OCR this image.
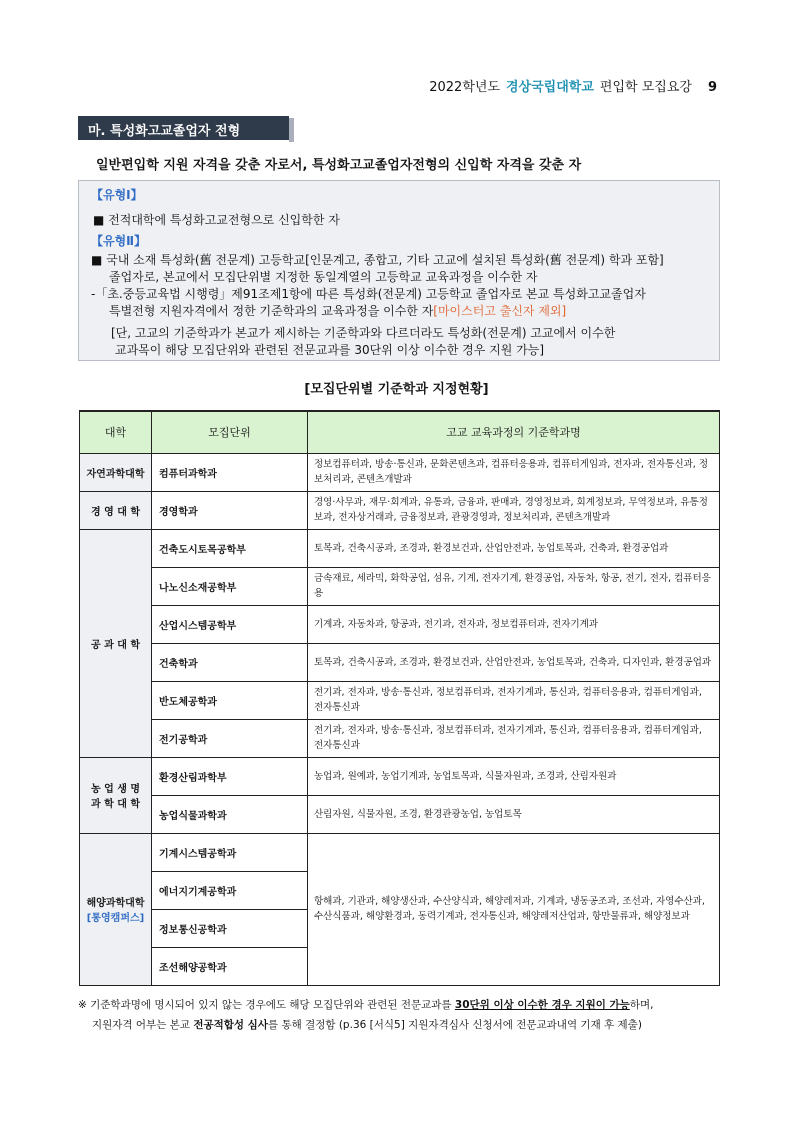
2022학년도 경상국립대학교 편입학 모집요강 9
마. 특성화고교졸업자 전형
일반편입학 지원 자격을 갖춘 자로서, 특성화고교졸업자전형의 신입학 자격을 갖춘 자
【유형Ⅰ】
■ 전적대학에 특성화고교전형으로 신입학한 자
【유형Ⅱ】
■ 국내 소재 특성화(舊 전문계) 고등학교[인문계고, 종합고, 기타 고교에 설치된 특성화(舊 전문계) 학과 포함]
졸업자로, 본교에서 모집단위별 지정한 동일계열의 고등학교 교육과정을 이수한 자
-「초.중등교육법 시행령」제91조제1항에 따른 특성화(전문계) 고등학교 졸업자로 본교 특성화고교졸업자
특별전형 지원자격에서 정한 기준학과의 교육과정을 이수한 자[마이스터고 출신자 제외]
[단, 고교의 기준학과가 본교가 제시하는 기준학과와 다르더라도 특성화(전문계) 고교에서 이수한
교과목이 해당 모집단위와 관련된 전문교과를 30단위 이상 이수한 경우 지원 가능]
[모집단위별 기준학과 지정현황]
대학	모집단위	고교 교육과정의 기준학과명
자연과학대학	컴퓨터과학과	정보컴퓨터과, 방송·통신과, 문화콘텐츠과, 컴퓨터응용과, 컴퓨터게임과, 전자과, 전자통신과, 정보처리과, 콘텐츠개발과
경 영 대 학	경영학과	경영·사무과, 재무·회계과, 유통과, 금융과, 판매과, 경영정보과, 회계정보과, 무역정보과, 유통정보과, 전자상거래과, 금융정보과, 관광경영과, 정보처리과, 콘텐츠개발과
공 과 대 학	건축도시토목공학부	토목과, 건축시공과, 조경과, 환경보건과, 산업안전과, 농업토목과, 건축과, 환경공업과
	나노신소재공학부	금속재료, 세라믹, 화학공업, 섬유, 기계, 전자기계, 환경공업, 자동차, 항공, 전기, 전자, 컴퓨터응용
	산업시스템공학부	기계과, 자동차과, 항공과, 전기과, 전자과, 정보컴퓨터과, 전자기계과
	건축학과	토목과, 건축시공과, 조경과, 환경보건과, 산업안전과, 농업토목과, 건축과, 디자인과, 환경공업과
	반도체공학과	전기과, 전자과, 방송·통신과, 정보컴퓨터과, 전자기계과, 통신과, 컴퓨터응용과, 컴퓨터게임과, 전자통신과
	전기공학과	전기과, 전자과, 방송·통신과, 정보컴퓨터과, 전자기계과, 통신과, 컴퓨터응용과, 컴퓨터게임과, 전자통신과

농 업 생 명
과 학 대 학	환경산림과학부	농업과, 원예과, 농업기계과, 농업토목과, 식물자원과, 조경과, 산림자원과
	농업식물과학과	산림자원, 식물자원, 조경, 환경관광농업, 농업토목

해양과학대학
[통영캠퍼스]	기계시스템공학과	항해과, 기관과, 해양생산과, 수산양식과, 해양레저과, 기계과, 냉동공조과, 조선과, 자영수산과, 수산식품과, 해양환경과, 동력기계과, 전자통신과, 해양레저산업과, 항만물류과, 해양정보과
	에너지기계공학과	
	정보통신공학과	
	조선해양공학과	
※ 기준학과명에 명시되어 있지 않는 경우에도 해당 모집단위와 관련된 전문교과를 30단위 이상 이수한 경우 지원이 가능하며,
지원자격 어부는 본교 전공적합성 심사를 통해 결정함 (p.36 [서식5] 지원자격심사 신청서에 전문교과내역 기재 후 제출)
